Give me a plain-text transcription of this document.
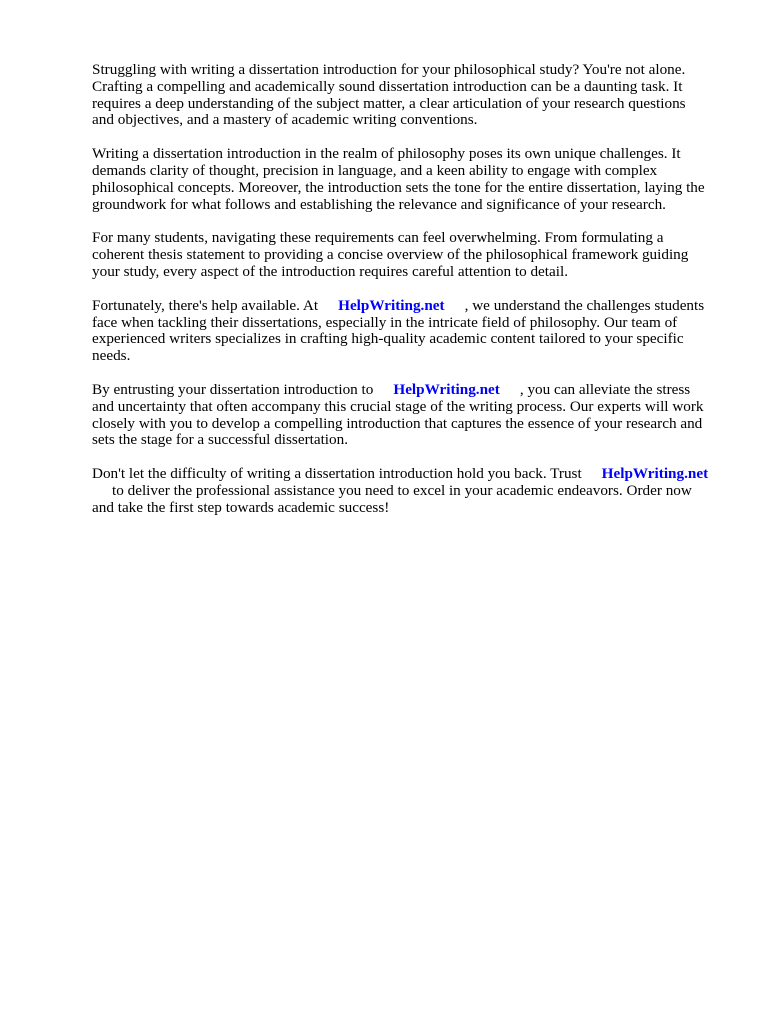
Struggling with writing a dissertation introduction for your philosophical study? You're not alone.
Crafting a compelling and academically sound dissertation introduction can be a daunting task. It
requires a deep understanding of the subject matter, a clear articulation of your research questions
and objectives, and a mastery of academic writing conventions.
Writing a dissertation introduction in the realm of philosophy poses its own unique challenges. It
demands clarity of thought, precision in language, and a keen ability to engage with complex
philosophical concepts. Moreover, the introduction sets the tone for the entire dissertation, laying the
groundwork for what follows and establishing the relevance and significance of your research.
For many students, navigating these requirements can feel overwhelming. From formulating a
coherent thesis statement to providing a concise overview of the philosophical framework guiding
your study, every aspect of the introduction requires careful attention to detail.
Fortunately, there's help available. At HelpWriting.net , we understand the challenges students
face when tackling their dissertations, especially in the intricate field of philosophy. Our team of
experienced writers specializes in crafting high-quality academic content tailored to your specific
needs.
By entrusting your dissertation introduction to HelpWriting.net , you can alleviate the stress
and uncertainty that often accompany this crucial stage of the writing process. Our experts will work
closely with you to develop a compelling introduction that captures the essence of your research and
sets the stage for a successful dissertation.
Don't let the difficulty of writing a dissertation introduction hold you back. Trust HelpWriting.net
to deliver the professional assistance you need to excel in your academic endeavors. Order now
and take the first step towards academic success!
